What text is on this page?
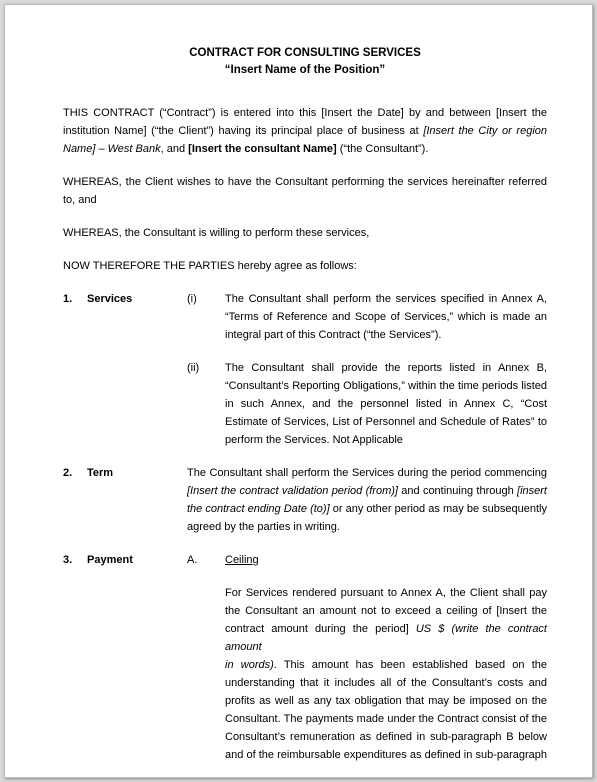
CONTRACT FOR CONSULTING SERVICES

“Insert Name of the Position”

THIS CONTRACT (“Contract”) is entered into this [Insert the Date] by and between [Insert the

institution Name] (“the Client”) having its principal place of business at [Insert the City or region

Name] – West Bank, and [Insert the consultant Name] (“the Consultant”).

WHEREAS, the Client wishes to have the Consultant performing the services hereinafter referred

to, and

WHEREAS, the Consultant is willing to perform these services,

NOW THEREFORE THE PARTIES hereby agree as follows:

1.	Services	(i)	The Consultant shall perform the services specified in Annex A,

“Terms of Reference and Scope of Services,” which is made an

integral part of this Contract (“the Services”).

(ii)	The Consultant shall provide the reports listed in Annex B,

“Consultant’s Reporting Obligations,” within the time periods listed

in such Annex, and the personnel listed in Annex C, “Cost

Estimate of Services, List of Personnel and Schedule of Rates” to

perform the Services. Not Applicable

2.	Term	The Consultant shall perform the Services during the period commencing

[Insert the contract validation period (from)] and continuing through [insert

the contract ending Date (to)] or any other period as may be subsequently

agreed by the parties in writing.

3.	Payment	A.	Ceiling

For Services rendered pursuant to Annex A, the Client shall pay

the Consultant an amount not to exceed a ceiling of [Insert the

contract amount during the period] US $ (write the contract amount

in words). This amount has been established based on the

understanding that it includes all of the Consultant’s costs and

profits as well as any tax obligation that may be imposed on the

Consultant. The payments made under the Contract consist of the

Consultant’s remuneration as defined in sub-paragraph B below

and of the reimbursable expenditures as defined in sub-paragraph
